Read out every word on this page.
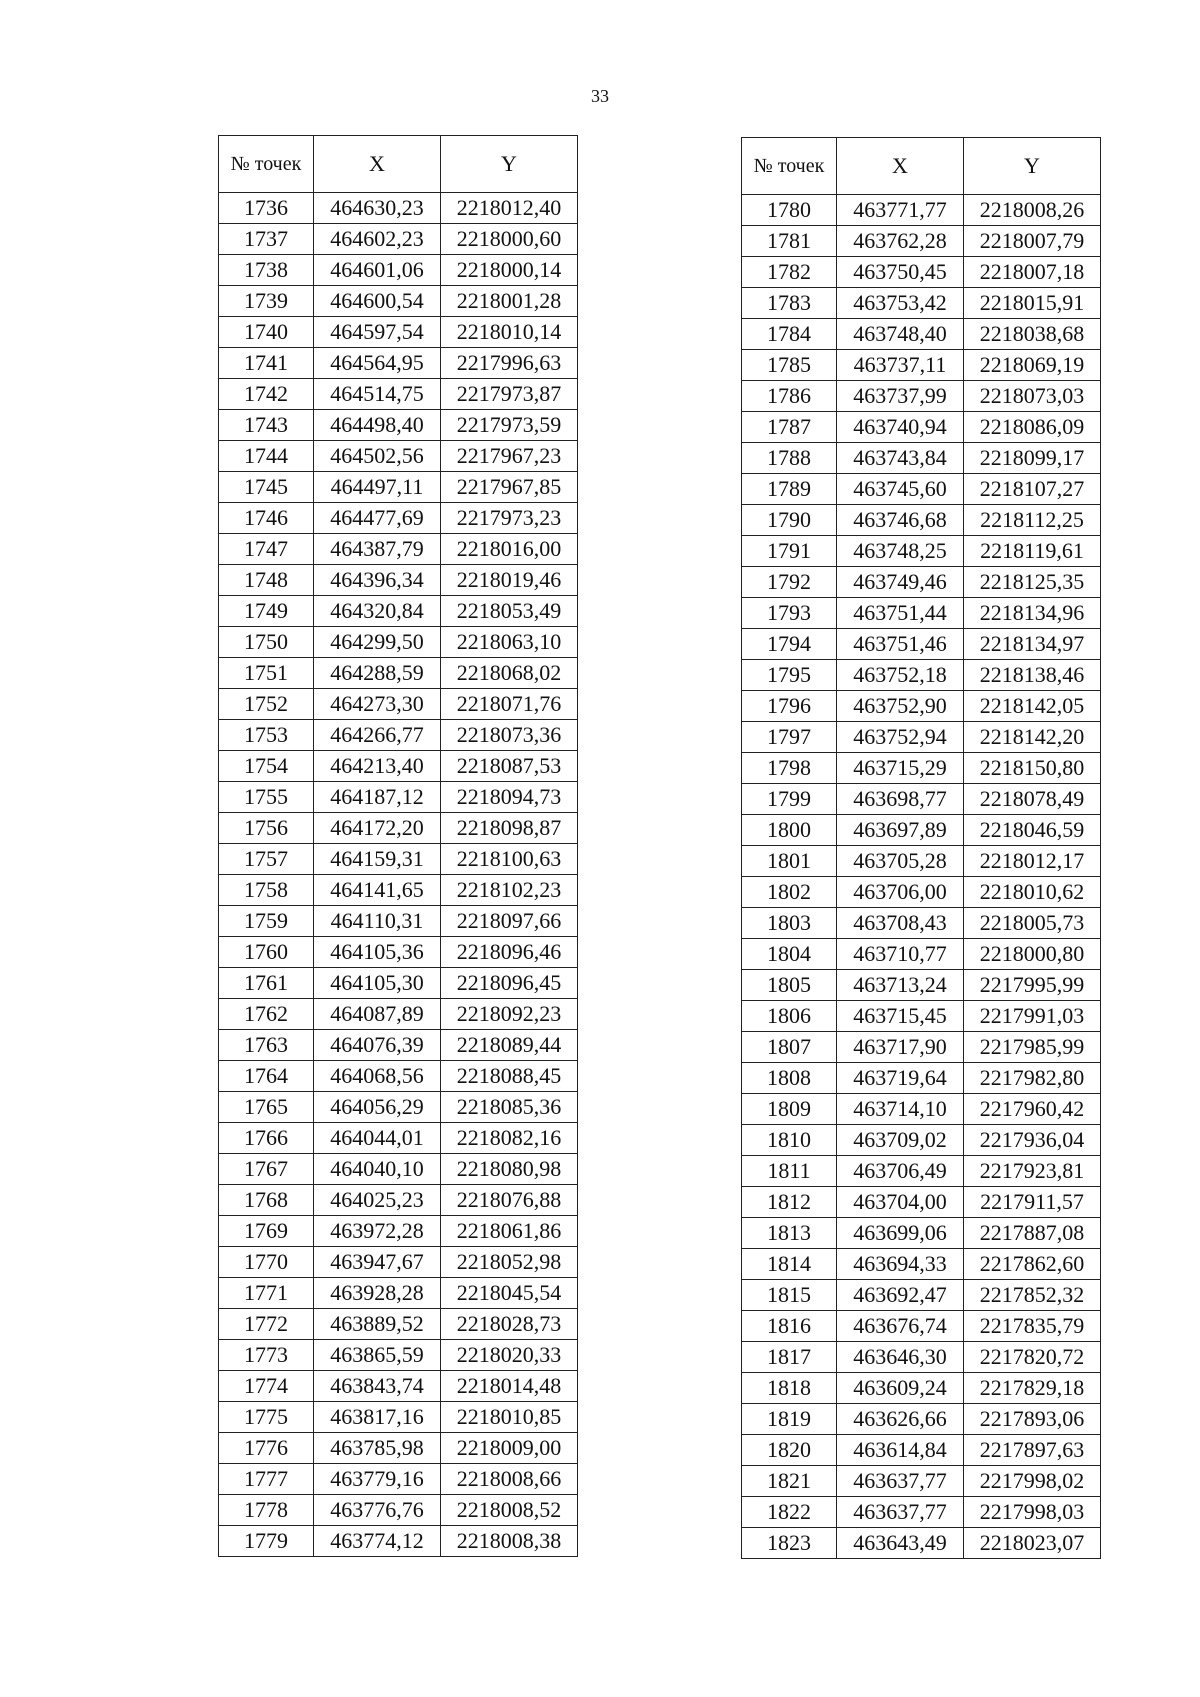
33
№ точек	X	Y
1736	464630,23	2218012,40
1737	464602,23	2218000,60
1738	464601,06	2218000,14
1739	464600,54	2218001,28
1740	464597,54	2218010,14
1741	464564,95	2217996,63
1742	464514,75	2217973,87
1743	464498,40	2217973,59
1744	464502,56	2217967,23
1745	464497,11	2217967,85
1746	464477,69	2217973,23
1747	464387,79	2218016,00
1748	464396,34	2218019,46
1749	464320,84	2218053,49
1750	464299,50	2218063,10
1751	464288,59	2218068,02
1752	464273,30	2218071,76
1753	464266,77	2218073,36
1754	464213,40	2218087,53
1755	464187,12	2218094,73
1756	464172,20	2218098,87
1757	464159,31	2218100,63
1758	464141,65	2218102,23
1759	464110,31	2218097,66
1760	464105,36	2218096,46
1761	464105,30	2218096,45
1762	464087,89	2218092,23
1763	464076,39	2218089,44
1764	464068,56	2218088,45
1765	464056,29	2218085,36
1766	464044,01	2218082,16
1767	464040,10	2218080,98
1768	464025,23	2218076,88
1769	463972,28	2218061,86
1770	463947,67	2218052,98
1771	463928,28	2218045,54
1772	463889,52	2218028,73
1773	463865,59	2218020,33
1774	463843,74	2218014,48
1775	463817,16	2218010,85
1776	463785,98	2218009,00
1777	463779,16	2218008,66
1778	463776,76	2218008,52
1779	463774,12	2218008,38
№ точек	X	Y
1780	463771,77	2218008,26
1781	463762,28	2218007,79
1782	463750,45	2218007,18
1783	463753,42	2218015,91
1784	463748,40	2218038,68
1785	463737,11	2218069,19
1786	463737,99	2218073,03
1787	463740,94	2218086,09
1788	463743,84	2218099,17
1789	463745,60	2218107,27
1790	463746,68	2218112,25
1791	463748,25	2218119,61
1792	463749,46	2218125,35
1793	463751,44	2218134,96
1794	463751,46	2218134,97
1795	463752,18	2218138,46
1796	463752,90	2218142,05
1797	463752,94	2218142,20
1798	463715,29	2218150,80
1799	463698,77	2218078,49
1800	463697,89	2218046,59
1801	463705,28	2218012,17
1802	463706,00	2218010,62
1803	463708,43	2218005,73
1804	463710,77	2218000,80
1805	463713,24	2217995,99
1806	463715,45	2217991,03
1807	463717,90	2217985,99
1808	463719,64	2217982,80
1809	463714,10	2217960,42
1810	463709,02	2217936,04
1811	463706,49	2217923,81
1812	463704,00	2217911,57
1813	463699,06	2217887,08
1814	463694,33	2217862,60
1815	463692,47	2217852,32
1816	463676,74	2217835,79
1817	463646,30	2217820,72
1818	463609,24	2217829,18
1819	463626,66	2217893,06
1820	463614,84	2217897,63
1821	463637,77	2217998,02
1822	463637,77	2217998,03
1823	463643,49	2218023,07
